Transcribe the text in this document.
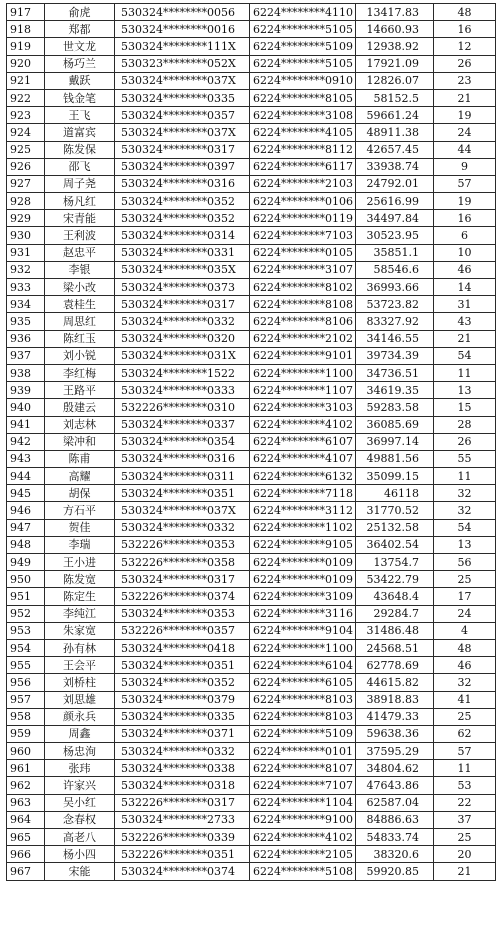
917	俞虎	530324********0056	6224********4110	13417.83	48
918	郑都	530324********0016	6224********5105	14660.93	16
919	世文龙	530324********111X	6224********5109	12938.92	12
920	杨巧兰	530323********052X	6224********5105	17921.09	26
921	戴跃	530324********037X	6224********0910	12826.07	23
922	钱金笔	530324********0335	6224********8105	58152.5	21
923	王飞	530324********0357	6224********3108	59661.24	19
924	道富宾	530324********037X	6224********4105	48911.38	24
925	陈发保	530324********0317	6224********8112	42657.45	44
926	邵飞	530324********0397	6224********6117	33938.74	9
927	周子尧	530324********0316	6224********2103	24792.01	57
928	杨凡红	530324********0352	6224********0106	25616.99	19
929	宋青能	530324********0352	6224********0119	34497.84	16
930	王利波	530324********0314	6224********7103	30523.95	6
931	赵忠平	530324********0331	6224********0105	35851.1	10
932	李银	530324********035X	6224********3107	58546.6	46
933	梁小改	530324********0373	6224********8102	36993.66	14
934	袁桂生	530324********0317	6224********8108	53723.82	31
935	周思红	530324********0332	6224********8106	83327.92	43
936	陈红玉	530324********0320	6224********2102	34146.55	21
937	刘小锐	530324********031X	6224********9101	39734.39	54
938	李红梅	530324********1522	6224********1100	34736.51	11
939	王路平	530324********0333	6224********1107	34619.35	13
940	殷建云	532226********0310	6224********3103	59283.58	15
941	刘志林	530324********0337	6224********4102	36085.69	28
942	梁冲和	530324********0354	6224********6107	36997.14	26
943	陈甫	530324********0316	6224********4107	49881.56	55
944	高耀	530324********0311	6224********6132	35099.15	11
945	胡保	530324********0351	6224********7118	46118	32
946	方石平	530324********037X	6224********3112	31770.52	32
947	贺佳	530324********0332	6224********1102	25132.58	54
948	李瑞	532226********0353	6224********9105	36402.54	13
949	王小进	532226********0358	6224********0109	13754.7	56
950	陈发宽	530324********0317	6224********0109	53422.79	25
951	陈定生	532226********0374	6224********3109	43648.4	17
952	李纯江	530324********0353	6224********3116	29284.7	24
953	朱家宽	532226********0357	6224********9104	31486.48	4
954	孙有林	530324********0418	6224********1100	24568.51	48
955	王会平	530324********0351	6224********6104	62778.69	46
956	刘桥柱	530324********0352	6224********6105	44615.82	32
957	刘思雄	530324********0379	6224********8103	38918.83	41
958	颜永兵	530324********0335	6224********8103	41479.33	25
959	周鑫	530324********0371	6224********5109	59638.36	62
960	杨忠洵	530324********0332	6224********0101	37595.29	57
961	张玮	530324********0338	6224********8107	34804.62	11
962	许家兴	530324********0318	6224********7107	47643.86	53
963	吴小红	532226********0317	6224********1104	62587.04	22
964	念春权	530324********2733	6224********9100	84886.63	37
965	高老八	532226********0339	6224********4102	54833.74	25
966	杨小四	532226********0351	6224********2105	38320.6	20
967	宋能	530324********0374	6224********5108	59920.85	21
